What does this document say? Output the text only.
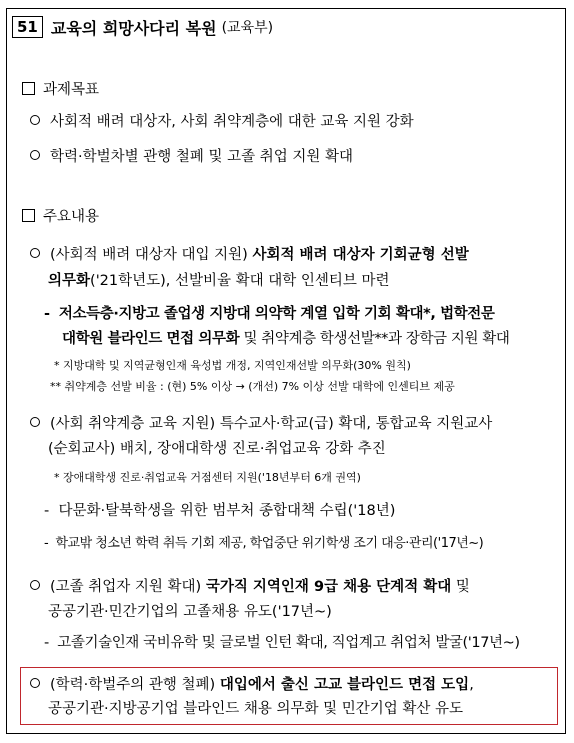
51 교육의 희망사다리 복원 (교육부)
과제목표
사회적 배려 대상자, 사회 취약계층에 대한 교육 지원 강화
학력·학벌차별 관행 철폐 및 고졸 취업 지원 확대
주요내용
(사회적 배려 대상자 대입 지원) 사회적 배려 대상자 기회균형 선발
의무화('21학년도), 선발비율 확대 대학 인센티브 마련
-  저소득층·지방고 졸업생 지방대 의약학 계열 입학 기회 확대*, 법학전문
대학원 블라인드 면접 의무화 및 취약계층 학생선발**과 장학금 지원 확대
* 지방대학 및 지역균형인재 육성법 개정, 지역인재선발 의무화(30% 원칙)
** 취약계층 선발 비율 : (현) 5% 이상 → (개선) 7% 이상 선발 대학에 인센티브 제공
(사회 취약계층 교육 지원) 특수교사·학교(급) 확대, 통합교육 지원교사
(순회교사) 배치, 장애대학생 진로·취업교육 강화 추진
* 장애대학생 진로·취업교육 거점센터 지원('18년부터 6개 권역)
-  다문화·탈북학생을 위한 범부처 종합대책 수립('18년)
-  학교밖 청소년 학력 취득 기회 제공, 학업중단 위기학생 조기 대응·관리('17년~)
(고졸 취업자 지원 확대) 국가직 지역인재 9급 채용 단계적 확대 및
공공기관·민간기업의 고졸채용 유도('17년~)
-  고졸기술인재 국비유학 및 글로벌 인턴 확대, 직업계고 취업처 발굴('17년~)
(학력·학벌주의 관행 철폐) 대입에서 출신 고교 블라인드 면접 도입,
공공기관·지방공기업 블라인드 채용 의무화 및 민간기업 확산 유도
